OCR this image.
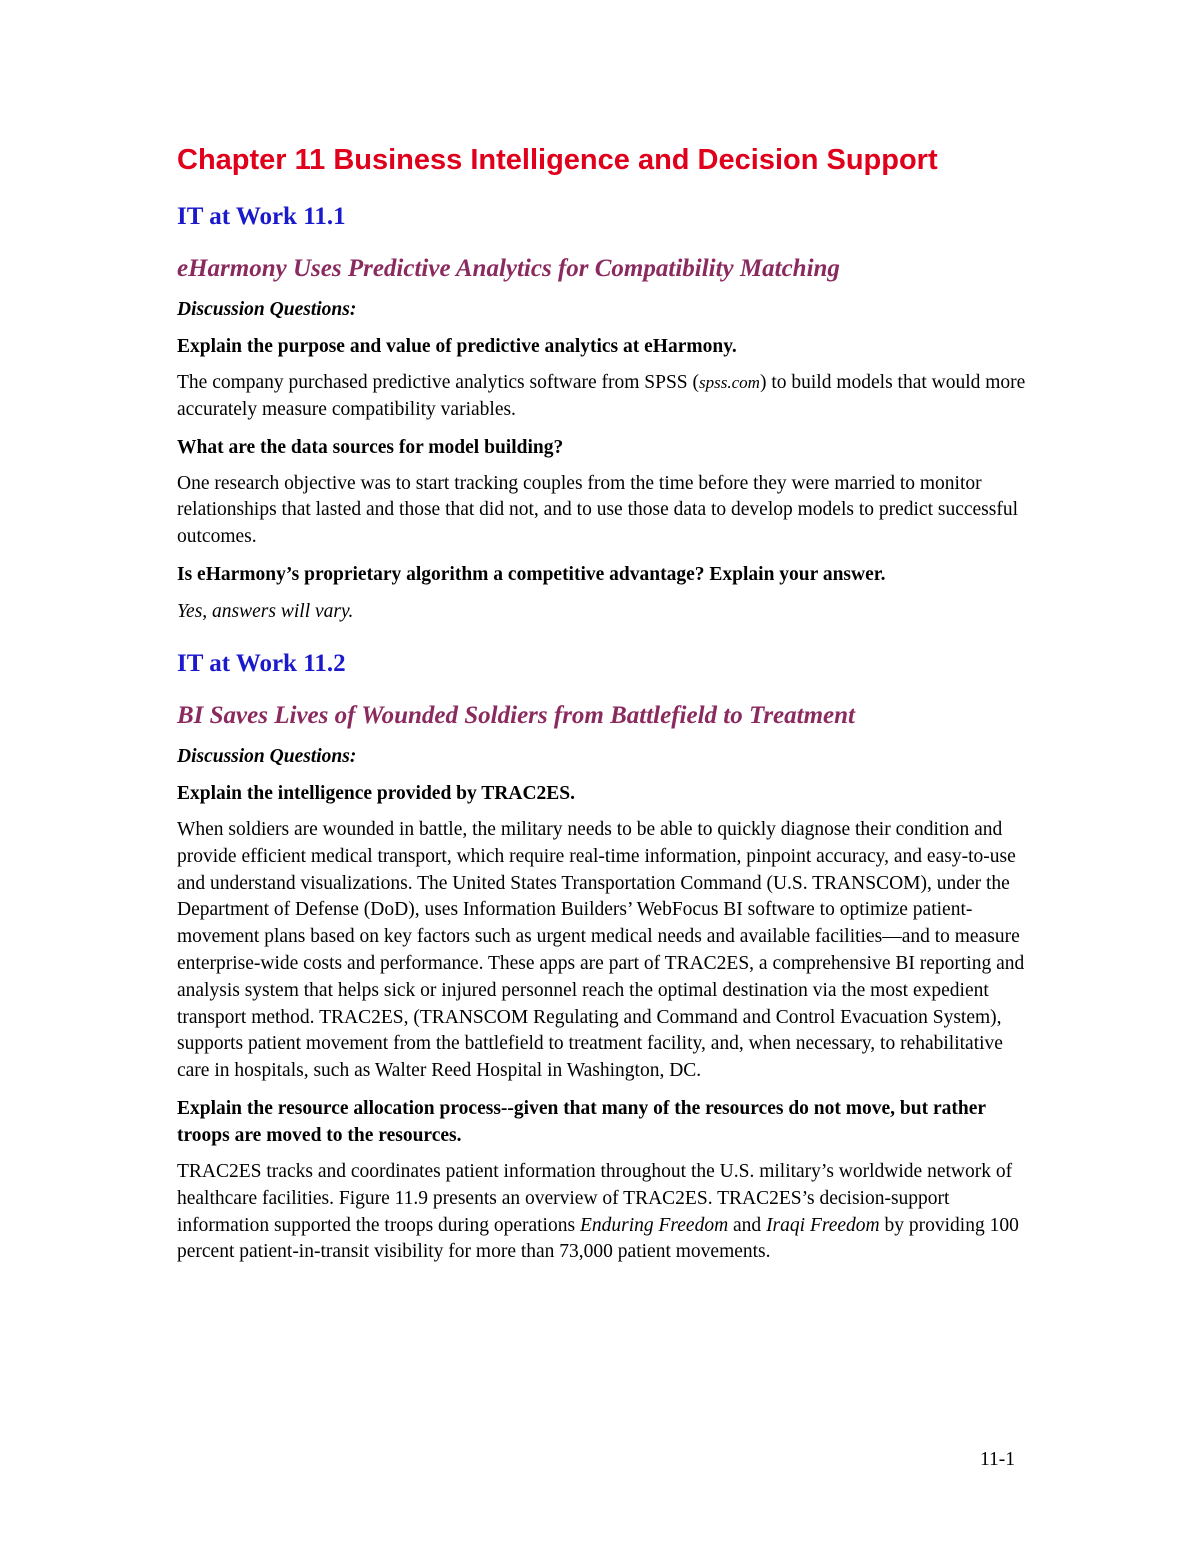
Chapter 11 Business Intelligence and Decision Support
IT at Work 11.1
eHarmony Uses Predictive Analytics for Compatibility Matching

Discussion Questions:

Explain the purpose and value of predictive analytics at eHarmony.

The company purchased predictive analytics software from SPSS (spss.com) to build models that would more accurately measure compatibility variables.

What are the data sources for model building?

One research objective was to start tracking couples from the time before they were married to monitor relationships that lasted and those that did not, and to use those data to develop models to predict successful outcomes.

Is eHarmony’s proprietary algorithm a competitive advantage? Explain your answer.

Yes, answers will vary.

IT at Work 11.2
BI Saves Lives of Wounded Soldiers from Battlefield to Treatment

Discussion Questions:

Explain the intelligence provided by TRAC2ES.

When soldiers are wounded in battle, the military needs to be able to quickly diagnose their condition and provide efficient medical transport, which require real-time information, pinpoint accuracy, and easy-to-use and understand visualizations. The United States Transportation Command (U.S. TRANSCOM), under the Department of Defense (DoD), uses Information Builders’ WebFocus BI software to optimize patient-movement plans based on key factors such as urgent medical needs and available facilities—and to measure enterprise-wide costs and performance. These apps are part of TRAC2ES, a comprehensive BI reporting and analysis system that helps sick or injured personnel reach the optimal destination via the most expedient transport method. TRAC2ES, (TRANSCOM Regulating and Command and Control Evacuation System), supports patient movement from the battlefield to treatment facility, and, when necessary, to rehabilitative care in hospitals, such as Walter Reed Hospital in Washington, DC.

Explain the resource allocation process--given that many of the resources do not move, but rather troops are moved to the resources.

TRAC2ES tracks and coordinates patient information throughout the U.S. military’s worldwide network of healthcare facilities. Figure 11.9 presents an overview of TRAC2ES. TRAC2ES’s decision-support information supported the troops during operations Enduring Freedom and Iraqi Freedom by providing 100 percent patient-in-transit visibility for more than 73,000 patient movements.

11-1
